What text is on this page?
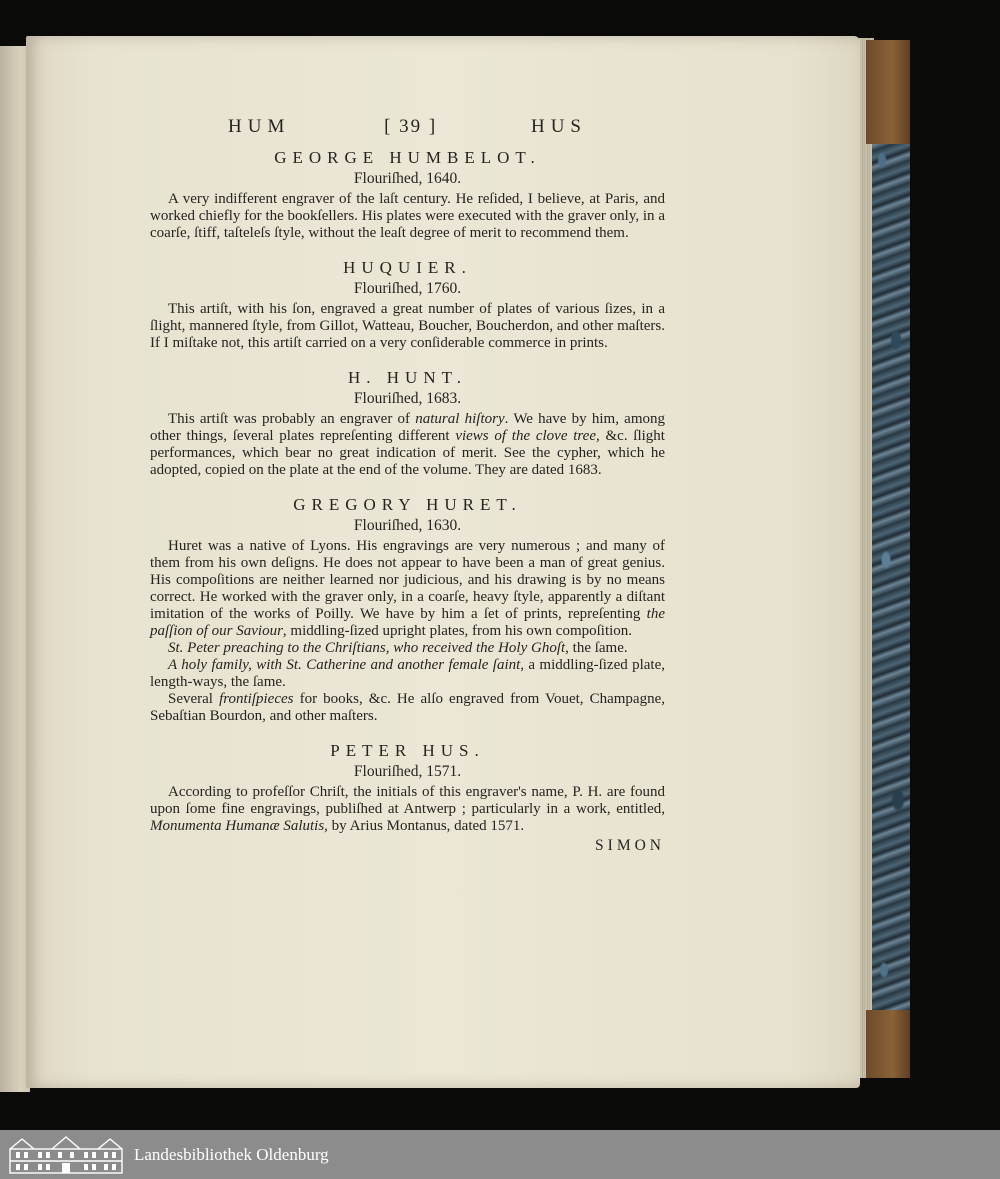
HUM	[ 39 ]	HUS
GEORGE HUMBELOT.
Flouriſhed, 1640.

A very indifferent engraver of the laſt century. He reſided, I believe, at Paris, and worked chiefly for the bookſellers. His plates were executed with the graver only, in a coarſe, ſtiff, taſteleſs ſtyle, without the leaſt degree of merit to recommend them.

HUQUIER.
Flouriſhed, 1760.

This artiſt, with his ſon, engraved a great number of plates of various ſizes, in a ſlight, mannered ſtyle, from Gillot, Watteau, Boucher, Boucherdon, and other maſters. If I miſtake not, this artiſt carried on a very conſiderable commerce in prints.

H. HUNT.
Flouriſhed, 1683.

This artiſt was probably an engraver of natural hiſtory. We have by him, among other things, ſeveral plates repreſenting different views of the clove tree, &c. ſlight performances, which bear no great indication of merit. See the cypher, which he adopted, copied on the plate at the end of the volume. They are dated 1683.

GREGORY HURET.
Flouriſhed, 1630.

Huret was a native of Lyons. His engravings are very numerous ; and many of them from his own deſigns. He does not appear to have been a man of great genius. His compoſitions are neither learned nor judicious, and his drawing is by no means correct. He worked with the graver only, in a coarſe, heavy ſtyle, apparently a diſtant imitation of the works of Poilly. We have by him a ſet of prints, repreſenting the paſſion of our Saviour, middling-ſized upright plates, from his own compoſition.

St. Peter preaching to the Chriſtians, who received the Holy Ghoſt, the ſame.

A holy family, with St. Catherine and another female ſaint, a middling-ſized plate, length-ways, the ſame.

Several frontiſpieces for books, &c. He alſo engraved from Vouet, Champagne, Sebaſtian Bourdon, and other maſters.

PETER HUS.
Flouriſhed, 1571.

According to profeſſor Chriſt, the initials of this engraver's name, P. H. are found upon ſome fine engravings, publiſhed at Antwerp ; particularly in a work, entitled, Monumenta Humanæ Salutis, by Arius Montanus, dated 1571.

SIMON
Landesbibliothek Oldenburg
